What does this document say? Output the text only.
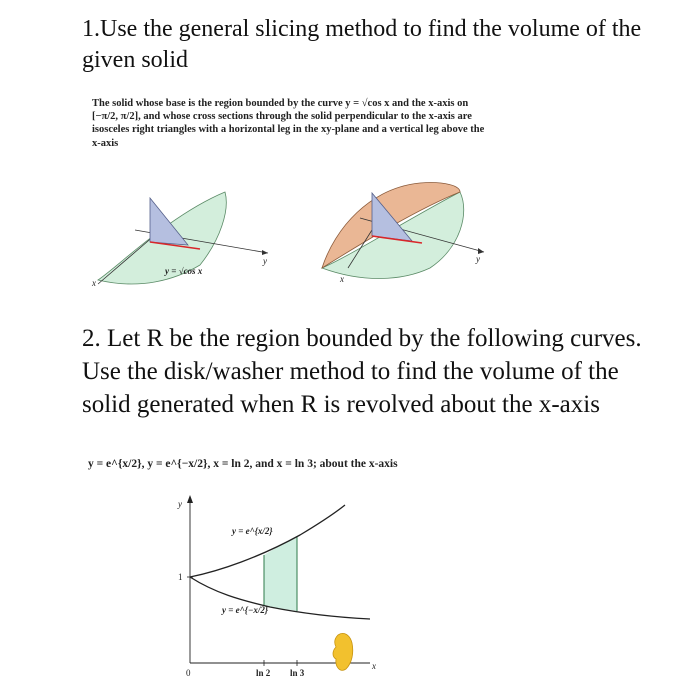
1.Use the general slicing method to find the volume of the given solid

The solid whose base is the region bounded by the curve y = √cos x and the x-axis on [−π/2, π/2], and whose cross sections through the solid perpendicular to the x-axis are isosceles right triangles with a horizontal leg in the xy-plane and a vertical leg above the x-axis

y = √cos x
x
y
x
y
2. Let R be the region bounded by the following curves. Use the disk/washer method to find the volume of the solid generated when R is revolved about the x-axis

y = e^{x/2}, y = e^{−x/2}, x = ln 2, and x = ln 3; about the x-axis

y
x
y = e^{x/2}
y = e^{−x/2}
1
0	ln 2 ln 3
